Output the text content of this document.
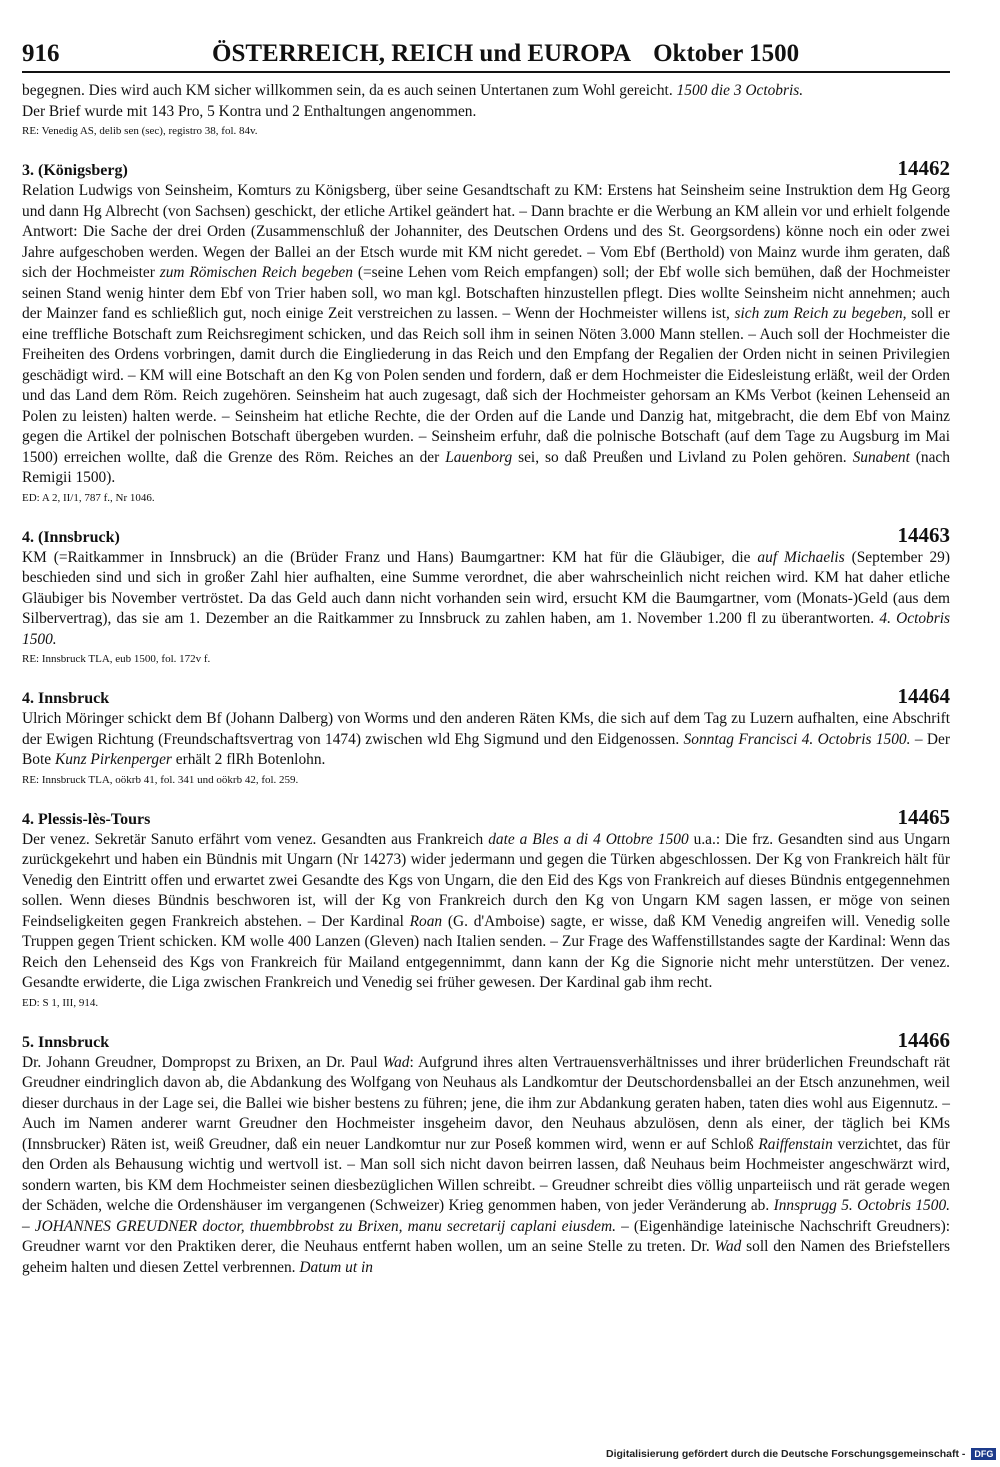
916	ÖSTERREICH, REICH und EUROPA Oktober 1500

begegnen. Dies wird auch KM sicher willkommen sein, da es auch seinen Untertanen zum Wohl gereicht. 1500 die 3 Octobris.
Der Brief wurde mit 143 Pro, 5 Kontra und 2 Enthaltungen angenommen.

RE: Venedig AS, delib sen (sec), registro 38, fol. 84v.

3. (Königsberg)	14462

Relation Ludwigs von Seinsheim, Komturs zu Königsberg, über seine Gesandtschaft zu KM: Erstens hat Seinsheim seine Instruktion dem Hg Georg und dann Hg Albrecht (von Sachsen) geschickt, der etliche Artikel geändert hat. – Dann brachte er die Werbung an KM allein vor und erhielt folgende Antwort: Die Sache der drei Orden (Zusammenschluß der Johanniter, des Deutschen Ordens und des St. Georgsordens) könne noch ein oder zwei Jahre aufgeschoben werden. Wegen der Ballei an der Etsch wurde mit KM nicht geredet. – Vom Ebf (Berthold) von Mainz wurde ihm geraten, daß sich der Hochmeister zum Römischen Reich begeben (=seine Lehen vom Reich empfangen) soll; der Ebf wolle sich bemühen, daß der Hochmeister seinen Stand wenig hinter dem Ebf von Trier haben soll, wo man kgl. Botschaften hinzustellen pflegt. Dies wollte Seinsheim nicht annehmen; auch der Mainzer fand es schließlich gut, noch einige Zeit verstreichen zu lassen. – Wenn der Hochmeister willens ist, sich zum Reich zu begeben, soll er eine treffliche Botschaft zum Reichsregiment schicken, und das Reich soll ihm in seinen Nöten 3.000 Mann stellen. – Auch soll der Hochmeister die Freiheiten des Ordens vorbringen, damit durch die Eingliederung in das Reich und den Empfang der Regalien der Orden nicht in seinen Privilegien geschädigt wird. – KM will eine Botschaft an den Kg von Polen senden und fordern, daß er dem Hochmeister die Eidesleistung erläßt, weil der Orden und das Land dem Röm. Reich zugehören. Seinsheim hat auch zugesagt, daß sich der Hochmeister gehorsam an KMs Verbot (keinen Lehenseid an Polen zu leisten) halten werde. – Seinsheim hat etliche Rechte, die der Orden auf die Lande und Danzig hat, mitgebracht, die dem Ebf von Mainz gegen die Artikel der polnischen Botschaft übergeben wurden. – Seinsheim erfuhr, daß die polnische Botschaft (auf dem Tage zu Augsburg im Mai 1500) erreichen wollte, daß die Grenze des Röm. Reiches an der Lauenborg sei, so daß Preußen und Livland zu Polen gehören. Sunabent (nach Remigii 1500).

ED: A 2, II/1, 787 f., Nr 1046.

4. (Innsbruck)	14463

KM (=Raitkammer in Innsbruck) an die (Brüder Franz und Hans) Baumgartner: KM hat für die Gläubiger, die auf Michaelis (September 29) beschieden sind und sich in großer Zahl hier aufhalten, eine Summe verordnet, die aber wahrscheinlich nicht reichen wird. KM hat daher etliche Gläubiger bis November vertröstet. Da das Geld auch dann nicht vorhanden sein wird, ersucht KM die Baumgartner, vom (Monats-)Geld (aus dem Silbervertrag), das sie am 1. Dezember an die Raitkammer zu Innsbruck zu zahlen haben, am 1. November 1.200 fl zu überantworten. 4. Octobris 1500.

RE: Innsbruck TLA, eub 1500, fol. 172v f.

4. Innsbruck	14464

Ulrich Möringer schickt dem Bf (Johann Dalberg) von Worms und den anderen Räten KMs, die sich auf dem Tag zu Luzern aufhalten, eine Abschrift der Ewigen Richtung (Freundschaftsvertrag von 1474) zwischen wld Ehg Sigmund und den Eidgenossen. Sonntag Francisci 4. Octobris 1500. – Der Bote Kunz Pirkenperger erhält 2 flRh Botenlohn.

RE: Innsbruck TLA, oökrb 41, fol. 341 und oökrb 42, fol. 259.

4. Plessis-lès-Tours	14465

Der venez. Sekretär Sanuto erfährt vom venez. Gesandten aus Frankreich date a Bles a di 4 Ottobre 1500 u.a.: Die frz. Gesandten sind aus Ungarn zurückgekehrt und haben ein Bündnis mit Ungarn (Nr 14273) wider jedermann und gegen die Türken abgeschlossen. Der Kg von Frankreich hält für Venedig den Eintritt offen und erwartet zwei Gesandte des Kgs von Ungarn, die den Eid des Kgs von Frankreich auf dieses Bündnis entgegennehmen sollen. Wenn dieses Bündnis beschworen ist, will der Kg von Frankreich durch den Kg von Ungarn KM sagen lassen, er möge von seinen Feindseligkeiten gegen Frankreich abstehen. – Der Kardinal Roan (G. d'Amboise) sagte, er wisse, daß KM Venedig angreifen will. Venedig solle Truppen gegen Trient schicken. KM wolle 400 Lanzen (Gleven) nach Italien senden. – Zur Frage des Waffenstillstandes sagte der Kardinal: Wenn das Reich den Lehenseid des Kgs von Frankreich für Mailand entgegennimmt, dann kann der Kg die Signorie nicht mehr unterstützen. Der venez. Gesandte erwiderte, die Liga zwischen Frankreich und Venedig sei früher gewesen. Der Kardinal gab ihm recht.

ED: S 1, III, 914.

5. Innsbruck	14466

Dr. Johann Greudner, Dompropst zu Brixen, an Dr. Paul Wad: Aufgrund ihres alten Vertrauensverhältnisses und ihrer brüderlichen Freundschaft rät Greudner eindringlich davon ab, die Abdankung des Wolfgang von Neuhaus als Landkomtur der Deutschordensballei an der Etsch anzunehmen, weil dieser durchaus in der Lage sei, die Ballei wie bisher bestens zu führen; jene, die ihm zur Abdankung geraten haben, taten dies wohl aus Eigennutz. – Auch im Namen anderer warnt Greudner den Hochmeister insgeheim davor, den Neuhaus abzulösen, denn als einer, der täglich bei KMs (Innsbrucker) Räten ist, weiß Greudner, daß ein neuer Landkomtur nur zur Poseß kommen wird, wenn er auf Schloß Raiffenstain verzichtet, das für den Orden als Behausung wichtig und wertvoll ist. – Man soll sich nicht davon beirren lassen, daß Neuhaus beim Hochmeister angeschwärzt wird, sondern warten, bis KM dem Hochmeister seinen diesbezüglichen Willen schreibt. – Greudner schreibt dies völlig unparteiisch und rät gerade wegen der Schäden, welche die Ordenshäuser im vergangenen (Schweizer) Krieg genommen haben, von jeder Veränderung ab. Innsprugg 5. Octobris 1500. – JOHANNES GREUDNER doctor, thuembbrobst zu Brixen, manu secretarij caplani eiusdem. – (Eigenhändige lateinische Nachschrift Greudners): Greudner warnt vor den Praktiken derer, die Neuhaus entfernt haben wollen, um an seine Stelle zu treten. Dr. Wad soll den Namen des Briefstellers geheim halten und diesen Zettel verbrennen. Datum ut in

Digitalisierung gefördert durch die Deutsche Forschungsgemeinschaft -	DFG
